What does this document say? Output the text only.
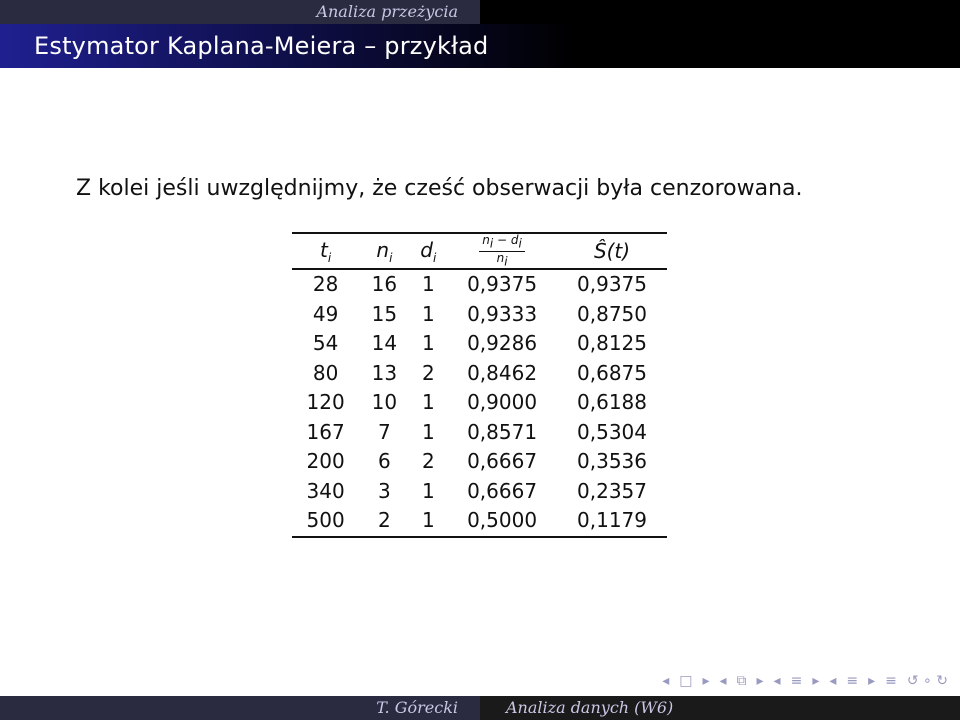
Analiza przeżycia
Estymator Kaplana-Meiera – przykład
Z kolei jeśli uwzględnijmy, że cześć obserwacji była cenzorowana.
$t_i$	$n_i$	$d_i$	$\frac{n_i - d_i}{n_i}$	Ŝ(t)
28	16	1	0,9375	0,9375
49	15	1	0,9333	0,8750
54	14	1	0,9286	0,8125
80	13	2	0,8462	0,6875
120	10	1	0,9000	0,6188
167	7	1	0,8571	0,5304
200	6	2	0,6667	0,3536
340	3	1	0,6667	0,2357
500	2	1	0,5000	0,1179
◂ □ ▸ ◂ ⧉ ▸ ◂ ≡ ▸ ◂ ≡ ▸ ≡ ↺ ∘ ↻
T. Górecki	Analiza danych (W6)
